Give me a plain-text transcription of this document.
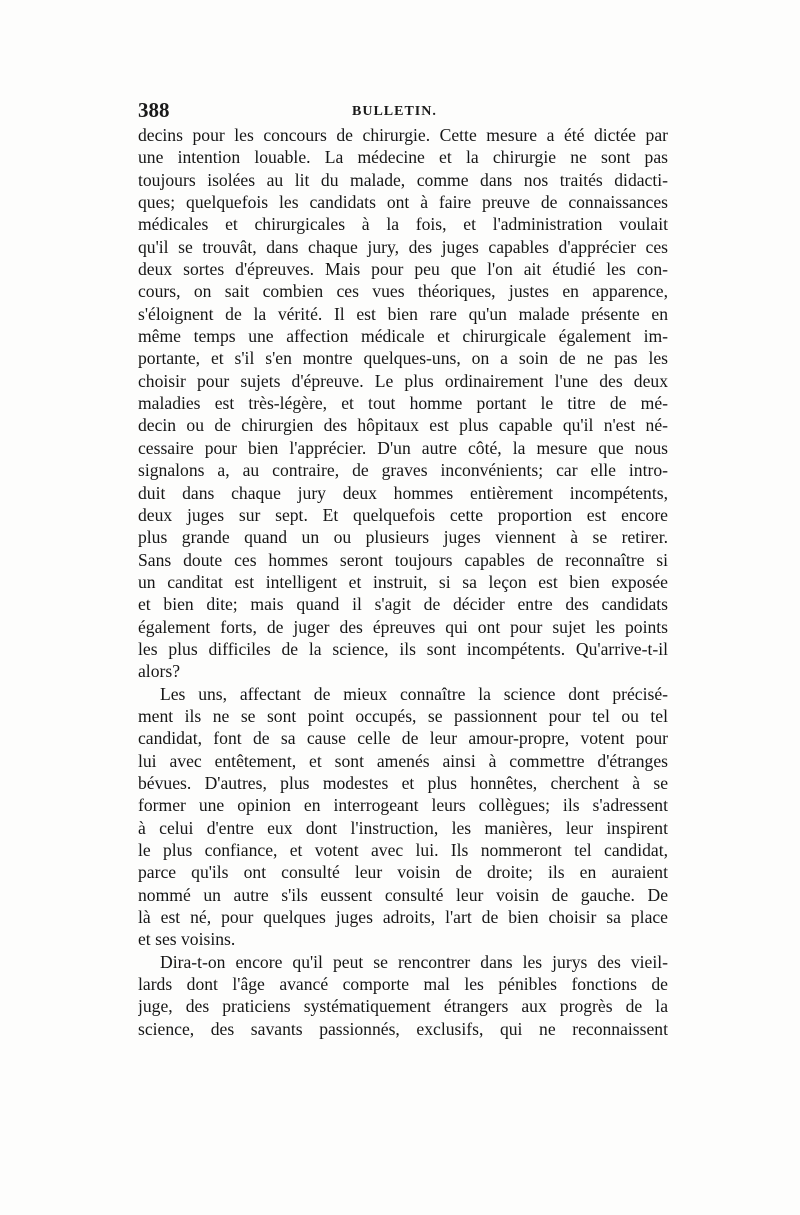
388	BULLETIN.
decins pour les concours de chirurgie. Cette mesure a été dictée par
une intention louable. La médecine et la chirurgie ne sont pas
toujours isolées au lit du malade, comme dans nos traités didacti-
ques; quelquefois les candidats ont à faire preuve de connaissances
médicales et chirurgicales à la fois, et l'administration voulait
qu'il se trouvât, dans chaque jury, des juges capables d'apprécier ces
deux sortes d'épreuves. Mais pour peu que l'on ait étudié les con-
cours, on sait combien ces vues théoriques, justes en apparence,
s'éloignent de la vérité. Il est bien rare qu'un malade présente en
même temps une affection médicale et chirurgicale également im-
portante, et s'il s'en montre quelques-uns, on a soin de ne pas les
choisir pour sujets d'épreuve. Le plus ordinairement l'une des deux
maladies est très-légère, et tout homme portant le titre de mé-
decin ou de chirurgien des hôpitaux est plus capable qu'il n'est né-
cessaire pour bien l'apprécier. D'un autre côté, la mesure que nous
signalons a, au contraire, de graves inconvénients; car elle intro-
duit dans chaque jury deux hommes entièrement incompétents,
deux juges sur sept. Et quelquefois cette proportion est encore
plus grande quand un ou plusieurs juges viennent à se retirer.
Sans doute ces hommes seront toujours capables de reconnaître si
un canditat est intelligent et instruit, si sa leçon est bien exposée
et bien dite; mais quand il s'agit de décider entre des candidats
également forts, de juger des épreuves qui ont pour sujet les points
les plus difficiles de la science, ils sont incompétents. Qu'arrive-t-il
alors?
Les uns, affectant de mieux connaître la science dont précisé-
ment ils ne se sont point occupés, se passionnent pour tel ou tel
candidat, font de sa cause celle de leur amour-propre, votent pour
lui avec entêtement, et sont amenés ainsi à commettre d'étranges
bévues. D'autres, plus modestes et plus honnêtes, cherchent à se
former une opinion en interrogeant leurs collègues; ils s'adressent
à celui d'entre eux dont l'instruction, les manières, leur inspirent
le plus confiance, et votent avec lui. Ils nommeront tel candidat,
parce qu'ils ont consulté leur voisin de droite; ils en auraient
nommé un autre s'ils eussent consulté leur voisin de gauche. De
là est né, pour quelques juges adroits, l'art de bien choisir sa place
et ses voisins.
Dira-t-on encore qu'il peut se rencontrer dans les jurys des vieil-
lards dont l'âge avancé comporte mal les pénibles fonctions de
juge, des praticiens systématiquement étrangers aux progrès de la
science, des savants passionnés, exclusifs, qui ne reconnaissent
